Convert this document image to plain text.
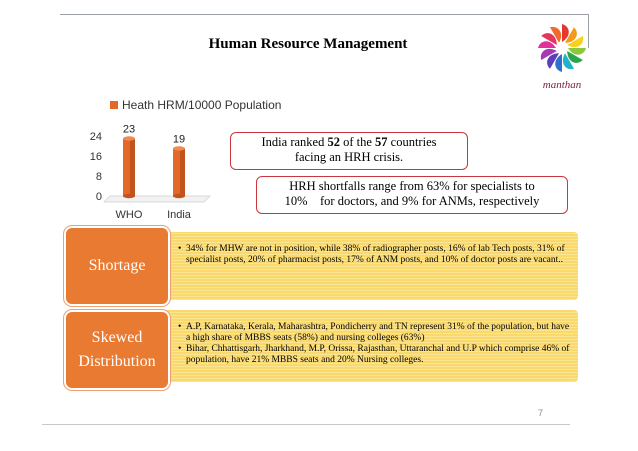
Human Resource Management
manthan
Heath HRM/10000 Population
0
8
16
24
23
19
WHO India
India ranked 52 of the 57 countries
facing an HRH crisis.
HRH shortfalls range from 63% for specialists to
10%    for doctors, and 9% for ANMs, respectively
• 34% for MHW are not in position, while 38% of radiographer posts, 16% of lab Tech posts, 31% of specialist posts, 20% of pharmacist posts, 17% of ANM posts, and 10% of doctor posts are vacant..
Shortage
• A.P, Karnataka, Kerala, Maharashtra, Pondicherry and TN represent 31% of the population, but have a high share of MBBS seats (58%) and nursing colleges (63%)
• Bihar, Chhattisgarh, Jharkhand, M.P, Orissa, Rajasthan, Uttaranchal and U.P which comprise 46% of population, have 21% MBBS seats and 20% Nursing colleges.
Skewed
Distribution
7
